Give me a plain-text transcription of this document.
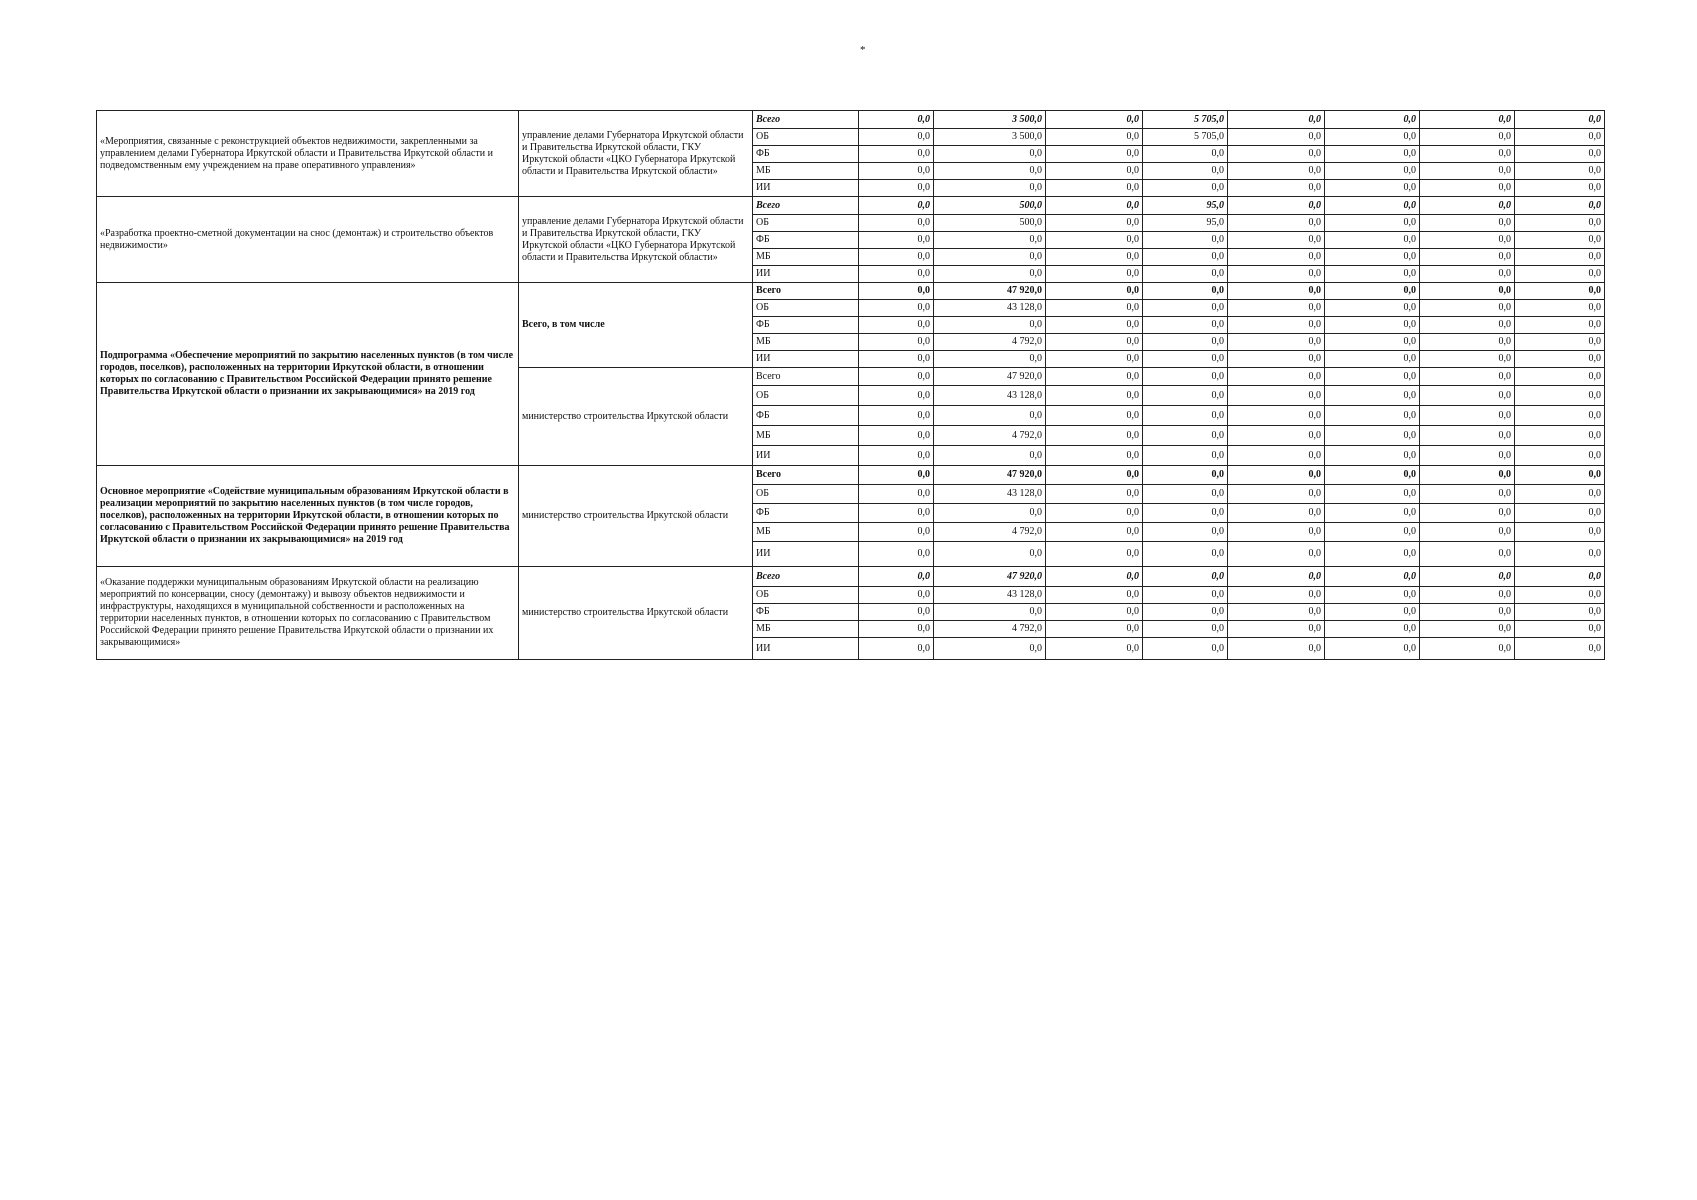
*
«Мероприятия, связанные с реконструкцией объектов недвижимости, закрепленными за управлением делами Губернатора Иркутской области и Правительства Иркутской области и подведомственным ему учреждением на праве оперативного управления»	управление делами Губернатора Иркутской области и Правительства Иркутской области, ГКУ Иркутской области «ЦКО Губернатора Иркутской области и Правительства Иркутской области»	Всего	0,0	3 500,0	0,0	5 705,0	0,0	0,0	0,0	0,0
		ОБ	0,0	3 500,0	0,0	5 705,0	0,0	0,0	0,0	0,0
		ФБ	0,0	0,0	0,0	0,0	0,0	0,0	0,0	0,0
		МБ	0,0	0,0	0,0	0,0	0,0	0,0	0,0	0,0
		ИИ	0,0	0,0	0,0	0,0	0,0	0,0	0,0	0,0
«Разработка проектно-сметной документации на снос (демонтаж) и строительство объектов недвижимости»	управление делами Губернатора Иркутской области и Правительства Иркутской области, ГКУ Иркутской области «ЦКО Губернатора Иркутской области и Правительства Иркутской области»	Всего	0,0	500,0	0,0	95,0	0,0	0,0	0,0	0,0
		ОБ	0,0	500,0	0,0	95,0	0,0	0,0	0,0	0,0
		ФБ	0,0	0,0	0,0	0,0	0,0	0,0	0,0	0,0
		МБ	0,0	0,0	0,0	0,0	0,0	0,0	0,0	0,0
		ИИ	0,0	0,0	0,0	0,0	0,0	0,0	0,0	0,0
Подпрограмма «Обеспечение мероприятий по закрытию населенных пунктов (в том числе городов, поселков), расположенных на территории Иркутской области, в отношении которых по согласованию с Правительством Российской Федерации принято решение Правительства Иркутской области о признании их закрывающимися» на 2019 год	Всего, в том числе	Всего	0,0	47 920,0	0,0	0,0	0,0	0,0	0,0	0,0
		ОБ	0,0	43 128,0	0,0	0,0	0,0	0,0	0,0	0,0
		ФБ	0,0	0,0	0,0	0,0	0,0	0,0	0,0	0,0
		МБ	0,0	4 792,0	0,0	0,0	0,0	0,0	0,0	0,0
		ИИ	0,0	0,0	0,0	0,0	0,0	0,0	0,0	0,0
	министерство строительства Иркутской области	Всего	0,0	47 920,0	0,0	0,0	0,0	0,0	0,0	0,0
		ОБ	0,0	43 128,0	0,0	0,0	0,0	0,0	0,0	0,0
		ФБ	0,0	0,0	0,0	0,0	0,0	0,0	0,0	0,0
		МБ	0,0	4 792,0	0,0	0,0	0,0	0,0	0,0	0,0
		ИИ	0,0	0,0	0,0	0,0	0,0	0,0	0,0	0,0
Основное мероприятие «Содействие муниципальным образованиям Иркутской области в реализации мероприятий по закрытию населенных пунктов (в том числе городов, поселков), расположенных на территории Иркутской области, в отношении которых по согласованию с Правительством Российской Федерации принято решение Правительства Иркутской области о признании их закрывающимися» на 2019 год	министерство строительства Иркутской области	Всего	0,0	47 920,0	0,0	0,0	0,0	0,0	0,0	0,0
		ОБ	0,0	43 128,0	0,0	0,0	0,0	0,0	0,0	0,0
		ФБ	0,0	0,0	0,0	0,0	0,0	0,0	0,0	0,0
		МБ	0,0	4 792,0	0,0	0,0	0,0	0,0	0,0	0,0
		ИИ	0,0	0,0	0,0	0,0	0,0	0,0	0,0	0,0
«Оказание поддержки муниципальным образованиям Иркутской области на реализацию мероприятий по консервации, сносу (демонтажу) и вывозу объектов недвижимости и инфраструктуры, находящихся в муниципальной собственности и расположенных на территории населенных пунктов, в отношении которых по согласованию с Правительством Российской Федерации принято решение Правительства Иркутской области о признании их закрывающимися»	министерство строительства Иркутской области	Всего	0,0	47 920,0	0,0	0,0	0,0	0,0	0,0	0,0
		ОБ	0,0	43 128,0	0,0	0,0	0,0	0,0	0,0	0,0
		ФБ	0,0	0,0	0,0	0,0	0,0	0,0	0,0	0,0
		МБ	0,0	4 792,0	0,0	0,0	0,0	0,0	0,0	0,0
		ИИ	0,0	0,0	0,0	0,0	0,0	0,0	0,0	0,0
